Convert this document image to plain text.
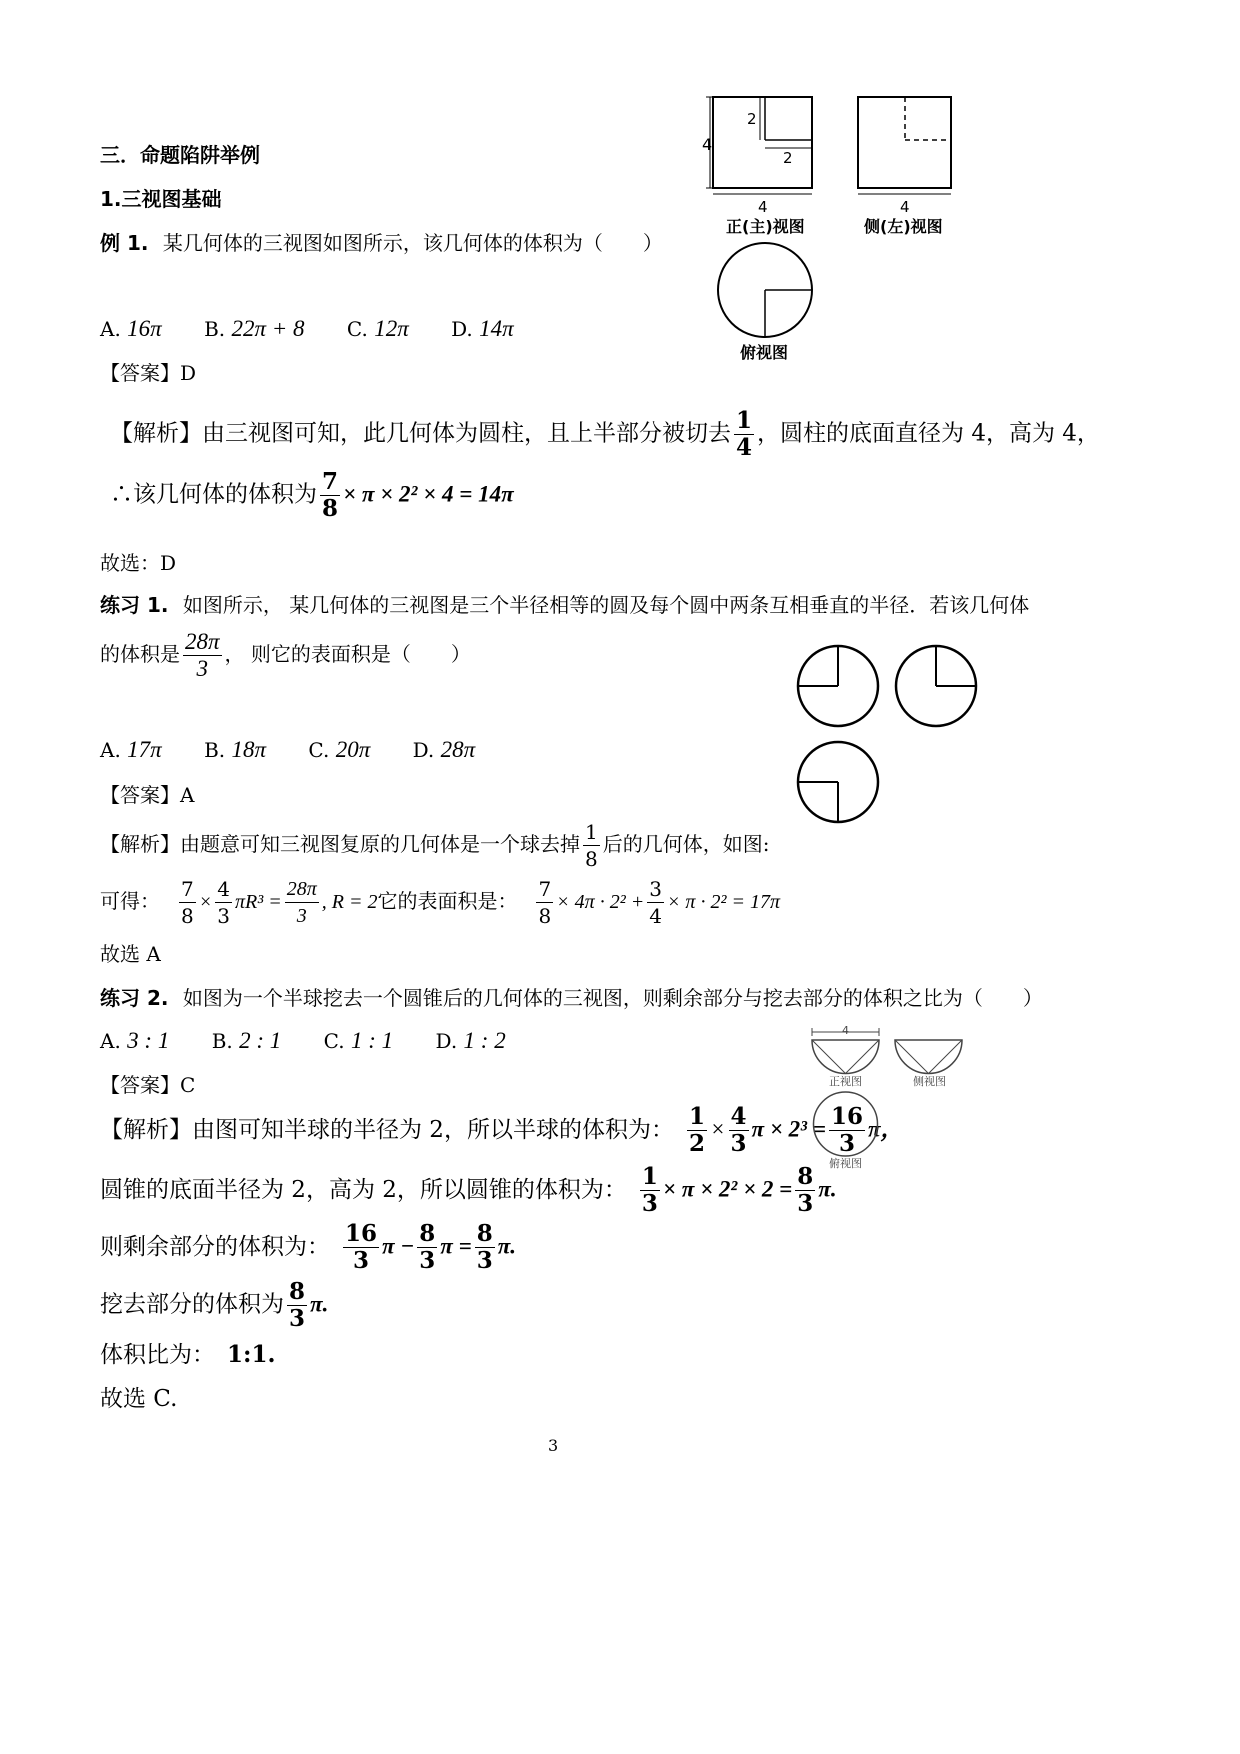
三．命题陷阱举例
1.三视图基础
例 1. 某几何体的三视图如图所示，该几何体的体积为（　　）
A. 16π B. 22π + 8 C. 12π D. 14π
【答案】D
【解析】由三视图可知，此几何体为圆柱，且上半部分被切去 $\frac{1}{4}$ ，圆柱的底面直径为 4，高为 4，
∴该几何体的体积为 $\frac{7}{8} \times \pi \times 2^2 \times 4 = 14\pi$
故选：D
4
2
2
4
正(主)视图
4
侧(左)视图
俯视图
练习 1. 如图所示， 某几何体的三视图是三个半径相等的圆及每个圆中两条互相垂直的半径．若该几何体
的体积是 $\frac{28\pi}{3}$ ， 则它的表面积是（　　）
A. 17π B. 18π C. 20π D. 28π
【答案】A
【解析】由题意可知三视图复原的几何体是一个球去掉 $\frac{1}{8}$ 后的几何体，如图:
可得： $\frac{7}{8} \times \frac{4}{3} \pi R^3 = \frac{28\pi}{3}$ , R = 2它的表面积是： $\frac{7}{8} \times 4\pi \cdot 2^2 + \frac{3}{4} \times \pi \cdot 2^2 = 17\pi$
故选 A
练习 2. 如图为一个半球挖去一个圆锥后的几何体的三视图，则剩余部分与挖去部分的体积之比为（　　）
A. 3 : 1 B. 2 : 1 C. 1 : 1 D. 1 : 2
【答案】C
【解析】由图可知半球的半径为 2，所以半球的体积为： $\frac{1}{2} \times \frac{4}{3}$ $\pi \times 2^3 = \frac{16}{3}$ π，
圆锥的底面半径为 2，高为 2，所以圆锥的体积为： $\frac{1}{3} \times \pi \times 2^2 \times 2 = \frac{8}{3} \pi$.
则剩余部分的体积为： $\frac{16}{3}$ $\pi - \frac{8}{3}$ $\pi = \frac{8}{3} \pi$.
挖去部分的体积为 $\frac{8}{3} \pi$.
体积比为： 1:1.
故选 C.
4
正视图	侧视图
俯视图
3
